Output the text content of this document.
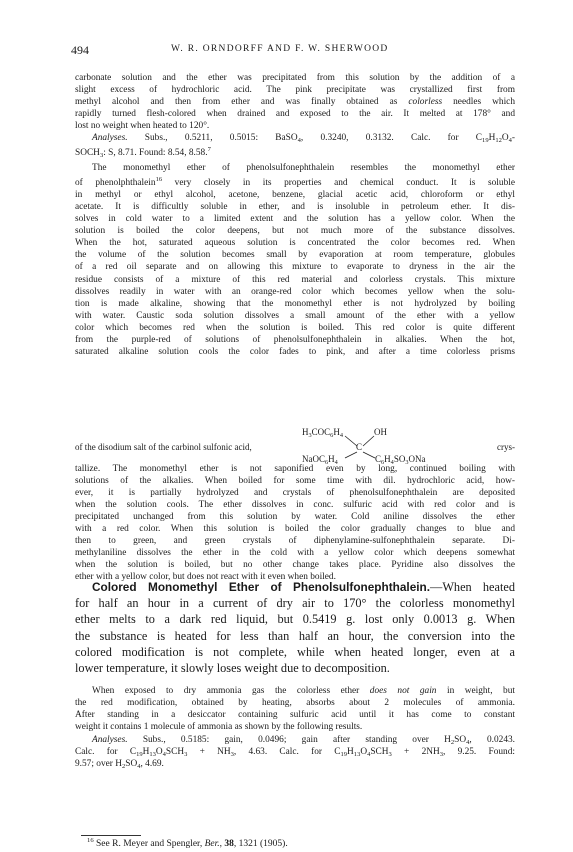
494	W. R. ORNDORFF AND F. W. SHERWOOD
carbonate solution and the ether was precipitated from this solution by the addition of a
slight excess of hydrochloric acid. The pink precipitate was crystallized first from
methyl alcohol and then from ether and was finally obtained as colorless needles which
rapidly turned flesh-colored when drained and exposed to the air. It melted at 178° and
lost no weight when heated to 120°.
Analyses. Subs., 0.5211, 0.5015: BaSO$_4$, 0.3240, 0.3132. Calc. for $C_{19}H_{12}O_4-$
$SOCH_3$: S, 8.71. Found: 8.54, 8.58.$^7$
The monomethyl ether of phenolsulfonephthalein resembles the monomethyl ether
of phenolphthalein$^{16}$ very closely in its properties and chemical conduct. It is soluble
in methyl or ethyl alcohol, acetone, benzene, glacial acetic acid, chloroform or ethyl
acetate. It is difficultly soluble in ether, and is insoluble in petroleum ether. It dis-
solves in cold water to a limited extent and the solution has a yellow color. When the
solution is boiled the color deepens, but not much more of the substance dissolves.
When the hot, saturated aqueous solution is concentrated the color becomes red. When
the volume of the solution becomes small by evaporation at room temperature, globules
of a red oil separate and on allowing this mixture to evaporate to dryness in the air the
residue consists of a mixture of this red material and colorless crystals. This mixture
dissolves readily in water with an orange-red color which becomes yellow when the solu-
tion is made alkaline, showing that the monomethyl ether is not hydrolyzed by boiling
with water. Caustic soda solution dissolves a small amount of the ether with a yellow
color which becomes red when the solution is boiled. This red color is quite different
from the purple-red of solutions of phenolsulfonephthalein in alkalies. When the hot,
saturated alkaline solution cools the color fades to pink, and after a time colorless prisms
of the disodium salt of the carbinol sulfonic acid,
$H_3COC_6H_4$	OH
C
$NaOC_6H_4$	$C_6H_4SO_3ONa$
crys-
tallize. The monomethyl ether is not saponified even by long, continued boiling with
solutions of the alkalies. When boiled for some time with dil. hydrochloric acid, how-
ever, it is partially hydrolyzed and crystals of phenolsulfonephthalein are deposited
when the solution cools. The ether dissolves in conc. sulfuric acid with red color and is
precipitated unchanged from this solution by water. Cold aniline dissolves the ether
with a red color. When this solution is boiled the color gradually changes to blue and
then to green, and green crystals of diphenylamine-sulfonephthalein separate. Di-
methylaniline dissolves the ether in the cold with a yellow color which deepens somewhat
when the solution is boiled, but no other change takes place. Pyridine also dissolves the
ether with a yellow color, but does not react with it even when boiled.
Colored Monomethyl Ether of Phenolsulfonephthalein.—When heated
for half an hour in a current of dry air to 170° the colorless monomethyl
ether melts to a dark red liquid, but 0.5419 g. lost only 0.0013 g. When
the substance is heated for less than half an hour, the conversion into the
colored modification is not complete, while when heated longer, even at a
lower temperature, it slowly loses weight due to decomposition.
When exposed to dry ammonia gas the colorless ether does not gain in weight, but
the red modification, obtained by heating, absorbs about 2 molecules of ammonia.
After standing in a desiccator containing sulfuric acid until it has come to constant
weight it contains 1 molecule of ammonia as shown by the following results.
Analyses. Subs., 0.5185: gain, 0.0496; gain after standing over $H_2SO_4$, 0.0243.
Calc. for $C_{19}H_{13}O_4SCH_3 + NH_3$, 4.63. Calc. for $C_{19}H_{13}O_4SCH_3 + 2NH_3$, 9.25. Found:
9.57; over $H_2SO_4$, 4.69.
$^{16}$ See R. Meyer and Spengler, Ber., 38, 1321 (1905).
